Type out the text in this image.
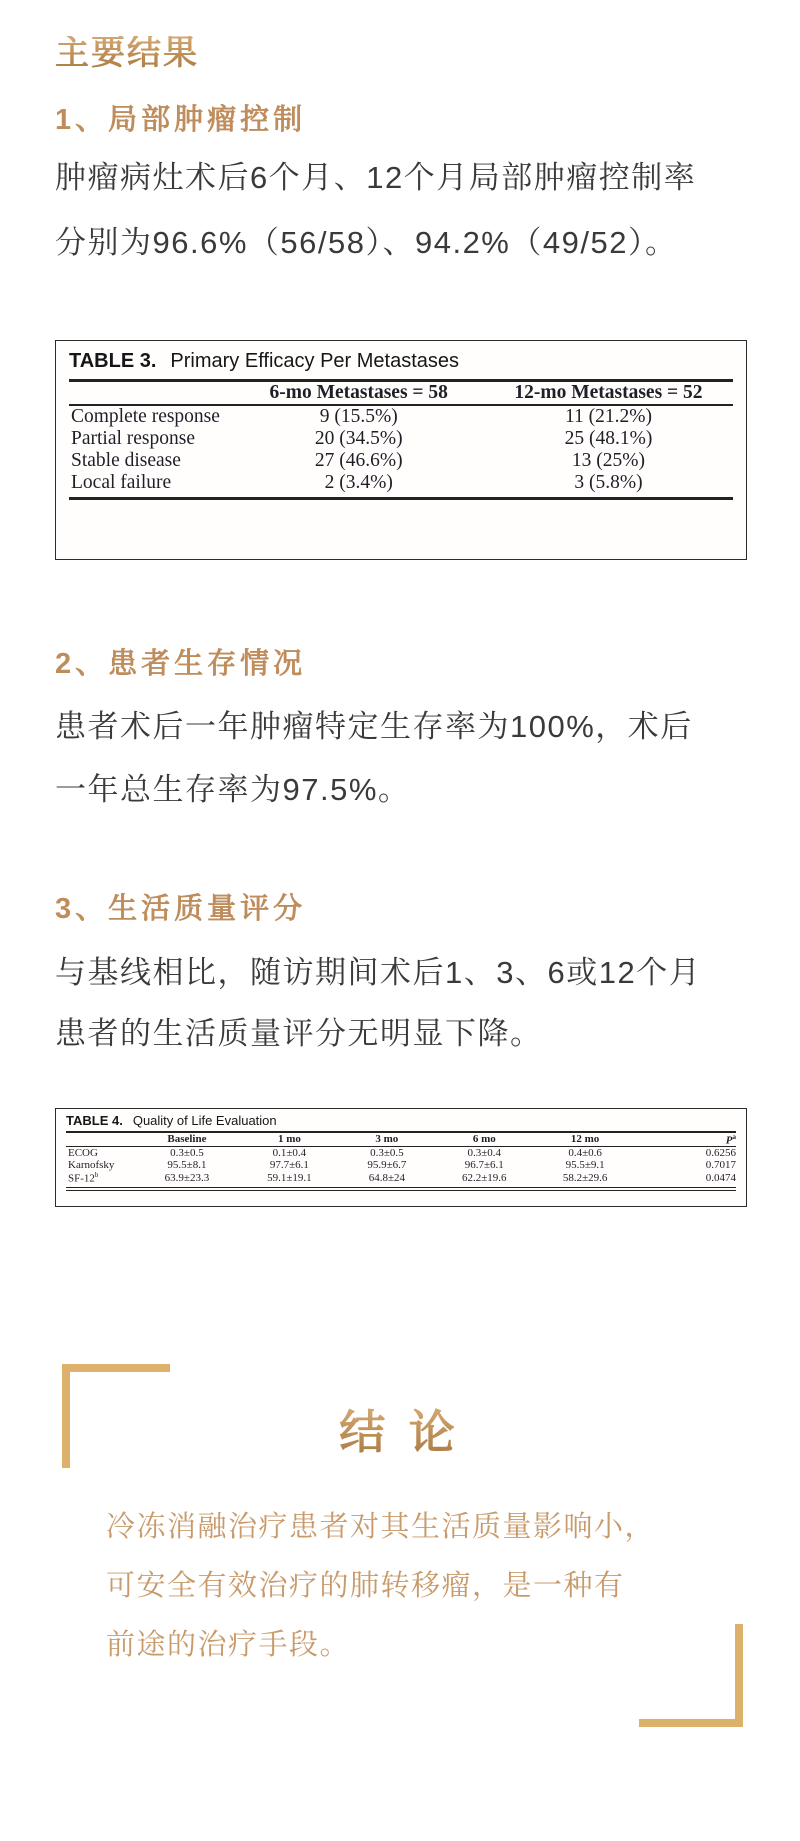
主要结果
1、局部肿瘤控制
肿瘤病灶术后6个月、12个月局部肿瘤控制率
分别为96.6%（56/58）、94.2%（49/52）。
TABLE 3. Primary Efficacy Per Metastases
	6-mo Metastases = 58	12-mo Metastases = 52
Complete response	9 (15.5%)	11 (21.2%)
Partial response	20 (34.5%)	25 (48.1%)
Stable disease	27 (46.6%)	13 (25%)
Local failure	2 (3.4%)	3 (5.8%)
2、患者生存情况
患者术后一年肿瘤特定生存率为100%，术后
一年总生存率为97.5%。
3、生活质量评分
与基线相比，随访期间术后1、3、6或12个月
患者的生活质量评分无明显下降。
TABLE 4. Quality of Life Evaluation
	Baseline	1 mo	3 mo	6 mo	12 mo	$P^a$
ECOG	0.3±0.5	0.1±0.4	0.3±0.5	0.3±0.4	0.4±0.6	0.6256
Karnofsky	95.5±8.1	97.7±6.1	95.9±6.7	96.7±6.1	95.5±9.1	0.7017
SF-12$^b$	63.9±23.3	59.1±19.1	64.8±24	62.2±19.6	58.2±29.6	0.0474
结 论
冷冻消融治疗患者对其生活质量影响小，
可安全有效治疗的肺转移瘤，是一种有
前途的治疗手段。
